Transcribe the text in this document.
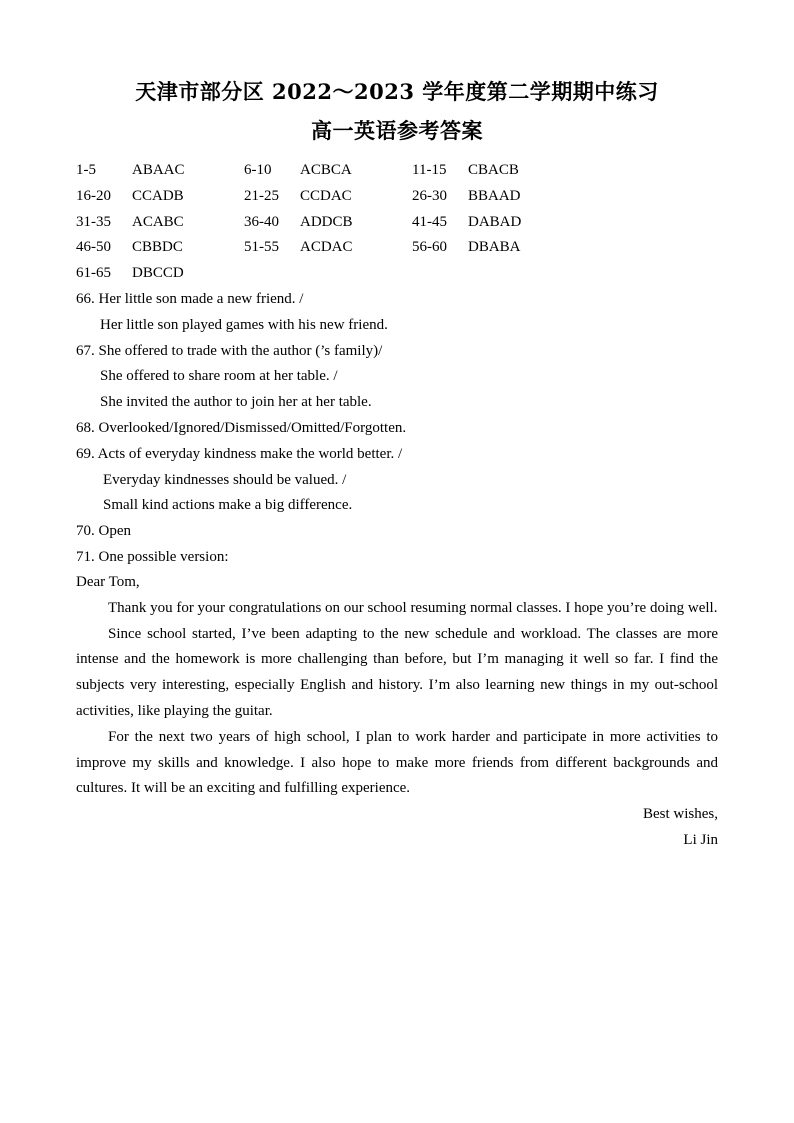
天津市部分区 2022～2023 学年度第二学期期中练习
高一英语参考答案
1-5	ABAAC	6-10	ACBCA	11-15	CBACB
16-20	CCADB	21-25	CCDAC	26-30	BBAAD
31-35	ACABC	36-40	ADDCB	41-45	DABAD
46-50	CBBDC	51-55	ACDAC	56-60	DBABA
61-65	DBCCD
66. Her little son made a new friend. /
Her little son played games with his new friend.
67. She offered to trade with the author (’s family)/
She offered to share room at her table. /
She invited the author to join her at her table.
68. Overlooked/Ignored/Dismissed/Omitted/Forgotten.
69. Acts of everyday kindness make the world better. /
Everyday kindnesses should be valued. /
Small kind actions make a big difference.
70. Open
71. One possible version:
Dear Tom,

Thank you for your congratulations on our school resuming normal classes. I hope you’re doing well.

Since school started, I’ve been adapting to the new schedule and workload. The classes are more intense and the homework is more challenging than before, but I’m managing it well so far. I find the subjects very interesting, especially English and history. I’m also learning new things in my out-school activities, like playing the guitar.

For the next two years of high school, I plan to work harder and participate in more activities to improve my skills and knowledge. I also hope to make more friends from different backgrounds and cultures. It will be an exciting and fulfilling experience.

Best wishes,
Li Jin
